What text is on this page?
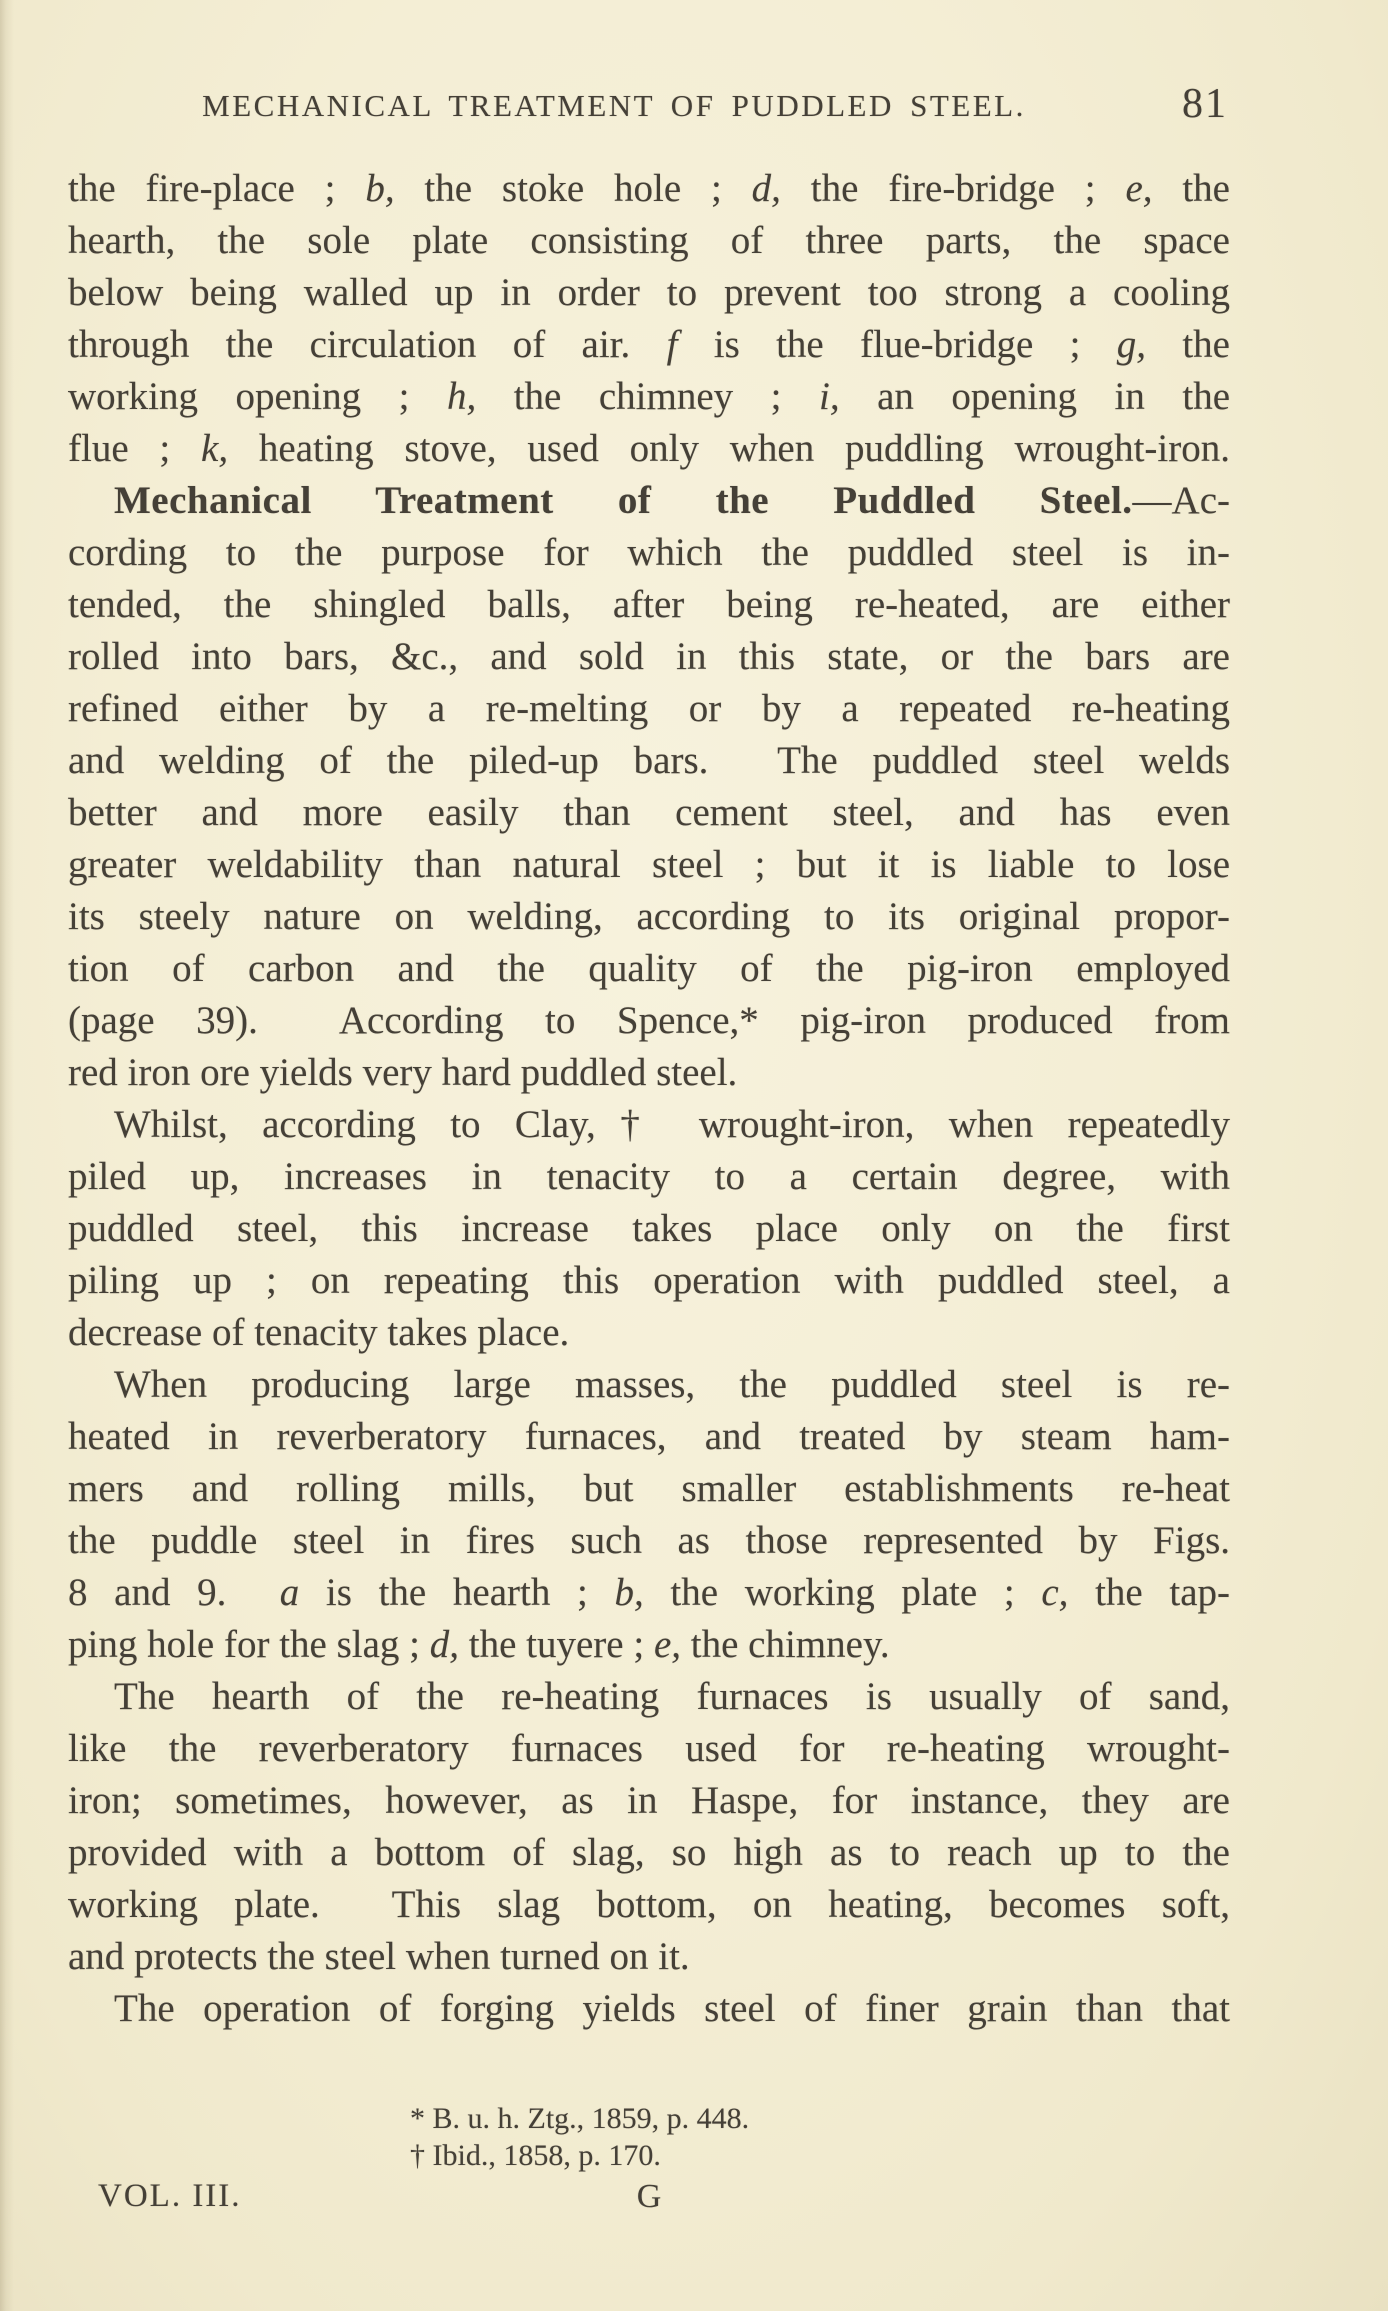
MECHANICAL TREATMENT OF PUDDLED STEEL.	81
the fire-place ; b, the stoke hole ; d, the fire-bridge ; e, the
hearth, the sole plate consisting of three parts, the space
below being walled up in order to prevent too strong a cooling
through the circulation of air. f is the flue-bridge ; g, the
working opening ; h, the chimney ; i, an opening in the
flue ; k, heating stove, used only when puddling wrought-iron.
Mechanical Treatment of the Puddled Steel.—Ac-
cording to the purpose for which the puddled steel is in-
tended, the shingled balls, after being re-heated, are either
rolled into bars, &c., and sold in this state, or the bars are
refined either by a re-melting or by a repeated re-heating
and welding of the piled-up bars.  The puddled steel welds
better and more easily than cement steel, and has even
greater weldability than natural steel ; but it is liable to lose
its steely nature on welding, according to its original propor-
tion of carbon and the quality of the pig-iron employed
(page 39).  According to Spence,* pig-iron produced from
red iron ore yields very hard puddled steel.
Whilst, according to Clay,† wrought-iron, when repeatedly
piled up, increases in tenacity to a certain degree, with
puddled steel, this increase takes place only on the first
piling up ; on repeating this operation with puddled steel, a
decrease of tenacity takes place.
When producing large masses, the puddled steel is re-
heated in reverberatory furnaces, and treated by steam ham-
mers and rolling mills, but smaller establishments re-heat
the puddle steel in fires such as those represented by Figs.
8 and 9.  a is the hearth ; b, the working plate ; c, the tap-
ping hole for the slag ; d, the tuyere ; e, the chimney.
The hearth of the re-heating furnaces is usually of sand,
like the reverberatory furnaces used for re-heating wrought-
iron; sometimes, however, as in Haspe, for instance, they are
provided with a bottom of slag, so high as to reach up to the
working plate.  This slag bottom, on heating, becomes soft,
and protects the steel when turned on it.
The operation of forging yields steel of finer grain than that
* B. u. h. Ztg., 1859, p. 448.
† Ibid., 1858, p. 170.
VOL. III.	G
